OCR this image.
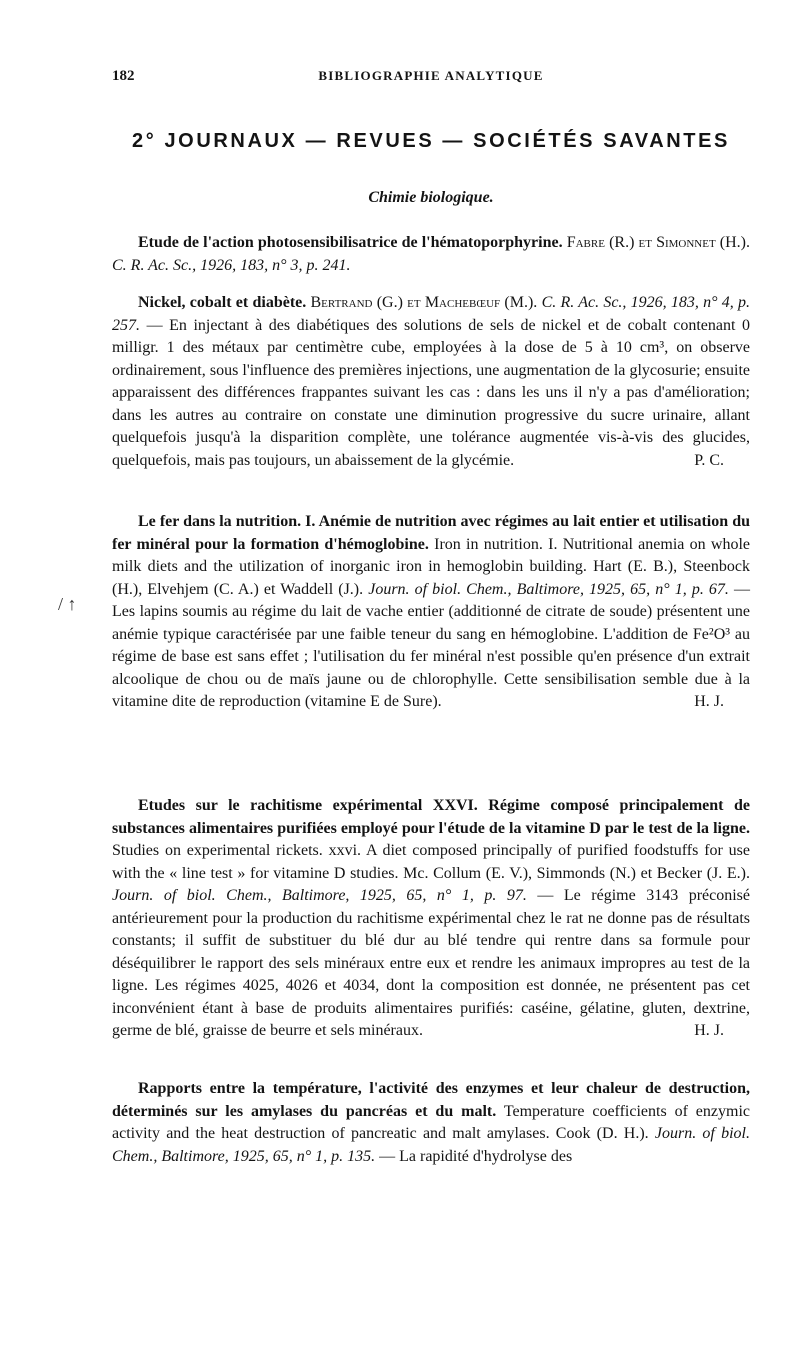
182	BIBLIOGRAPHIE ANALYTIQUE
2° JOURNAUX — REVUES — SOCIÉTÉS SAVANTES
Chimie biologique.
/ ↑
Etude de l'action photosensibilisatrice de l'hématoporphyrine. Fabre (R.) et Simonnet (H.). C. R. Ac. Sc., 1926, 183, n° 3, p. 241.
Nickel, cobalt et diabète. Bertrand (G.) et Machebœuf (M.). C. R. Ac. Sc., 1926, 183, n° 4, p. 257. — En injectant à des diabétiques des solutions de sels de nickel et de cobalt contenant 0 milligr. 1 des métaux par centimètre cube, employées à la dose de 5 à 10 cm³, on observe ordinairement, sous l'influence des premières injections, une augmentation de la glycosurie; ensuite apparaissent des différences frappantes suivant les cas : dans les uns il n'y a pas d'amélioration; dans les autres au contraire on constate une diminution progressive du sucre urinaire, allant quelquefois jusqu'à la disparition complète, une tolérance augmentée vis-à-vis des glucides, quelquefois, mais pas toujours, un abaissement de la glycémie.	P. C.
Le fer dans la nutrition. I. Anémie de nutrition avec régimes au lait entier et utilisation du fer minéral pour la formation d'hémoglobine. Iron in nutrition. I. Nutritional anemia on whole milk diets and the utilization of inorganic iron in hemoglobin building. Hart (E. B.), Steenbock (H.), Elvehjem (C. A.) et Waddell (J.). Journ. of biol. Chem., Baltimore, 1925, 65, n° 1, p. 67. — Les lapins soumis au régime du lait de vache entier (additionné de citrate de soude) présentent une anémie typique caractérisée par une faible teneur du sang en hémoglobine. L'addition de Fe²O³ au régime de base est sans effet ; l'utilisation du fer minéral n'est possible qu'en présence d'un extrait alcoolique de chou ou de maïs jaune ou de chlorophylle. Cette sensibilisation semble due à la vitamine dite de reproduction (vitamine E de Sure).	H. J.
Etudes sur le rachitisme expérimental XXVI. Régime composé principalement de substances alimentaires purifiées employé pour l'étude de la vitamine D par le test de la ligne. Studies on experimental rickets. xxvi. A diet composed principally of purified foodstuffs for use with the « line test » for vitamine D studies. Mc. Collum (E. V.), Simmonds (N.) et Becker (J. E.). Journ. of biol. Chem., Baltimore, 1925, 65, n° 1, p. 97. — Le régime 3143 préconisé antérieurement pour la production du rachitisme expérimental chez le rat ne donne pas de résultats constants; il suffit de substituer du blé dur au blé tendre qui rentre dans sa formule pour déséquilibrer le rapport des sels minéraux entre eux et rendre les animaux impropres au test de la ligne. Les régimes 4025, 4026 et 4034, dont la composition est donnée, ne présentent pas cet inconvénient étant à base de produits alimentaires purifiés: caséine, gélatine, gluten, dextrine, germe de blé, graisse de beurre et sels minéraux.	H. J.
Rapports entre la température, l'activité des enzymes et leur chaleur de destruction, déterminés sur les amylases du pancréas et du malt. Temperature coefficients of enzymic activity and the heat destruction of pancreatic and malt amylases. Cook (D. H.). Journ. of biol. Chem., Baltimore, 1925, 65, n° 1, p. 135. — La rapidité d'hydrolyse des
